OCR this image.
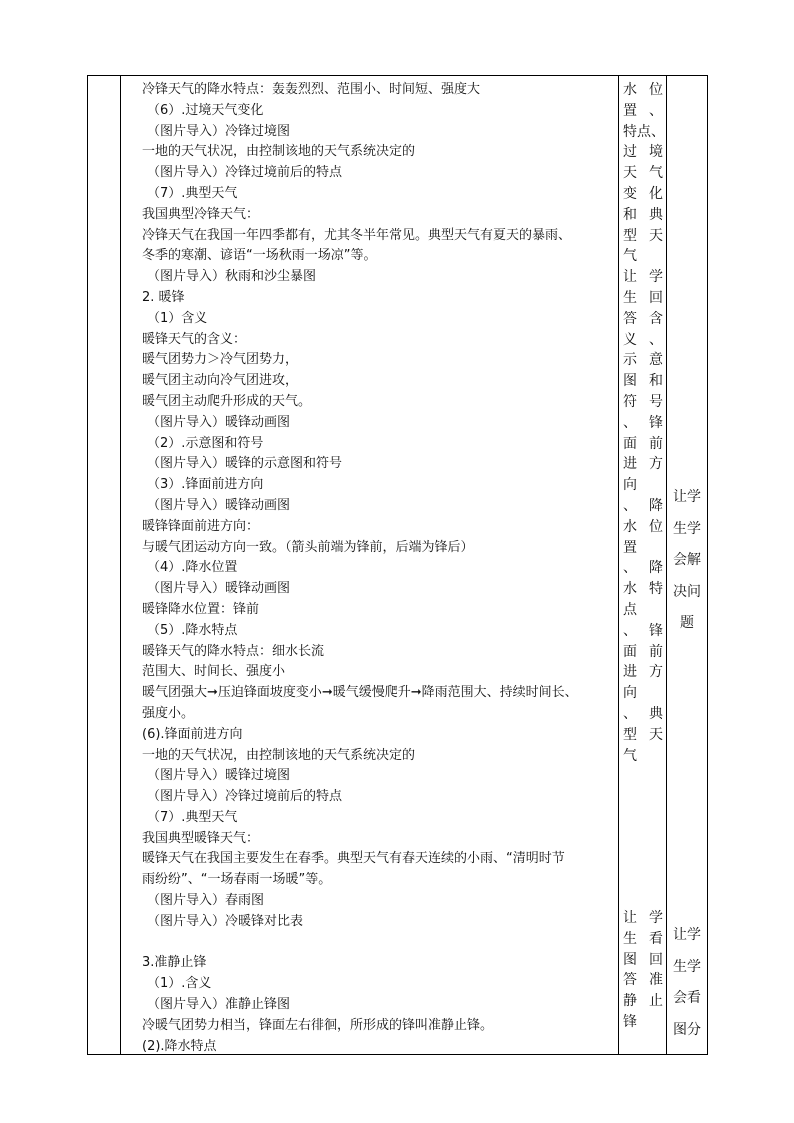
冷锋天气的降水特点：轰轰烈烈、范围小、时间短、强度大
（6）.过境天气变化
（图片导入）冷锋过境图
一地的天气状况，由控制该地的天气系统决定的
（图片导入）冷锋过境前后的特点
（7）.典型天气
我国典型冷锋天气：
冷锋天气在我国一年四季都有，尤其冬半年常见。典型天气有夏天的暴雨、
冬季的寒潮、谚语“一场秋雨一场凉”等。
（图片导入）秋雨和沙尘暴图
2. 暖锋
（1）含义
暖锋天气的含义：
暖气团势力＞冷气团势力，
暖气团主动向冷气团进攻，
暖气团主动爬升形成的天气。
（图片导入）暖锋动画图
（2）.示意图和符号
（图片导入）暖锋的示意图和符号
（3）.锋面前进方向
（图片导入）暖锋动画图
暖锋锋面前进方向：
与暖气团运动方向一致。（箭头前端为锋前，后端为锋后）
（4）.降水位置
（图片导入）暖锋动画图
暖锋降水位置：锋前
（5）.降水特点
暖锋天气的降水特点：细水长流
范围大、时间长、强度小
暖气团强大➞压迫锋面坡度变小➞暖气缓慢爬升➞降雨范围大、持续时间长、
强度小。
(6).锋面前进方向
一地的天气状况，由控制该地的天气系统决定的
（图片导入）暖锋过境图
（图片导入）冷锋过境前后的特点
（7）.典型天气
我国典型暖锋天气：
暖锋天气在我国主要发生在春季。典型天气有春天连续的小雨、“清明时节
雨纷纷”、“一场春雨一场暖”等。
（图片导入）春雨图
（图片导入）冷暖锋对比表
3.准静止锋
（1）.含义
（图片导入）准静止锋图
冷暖气团势力相当，锋面左右徘徊，所形成的锋叫准静止锋。
(2).降水特点
水 位
置 、
特 点 、
过 境
天 气
变 化
和 典
型 天
气
让 学
生 回
答 含
义 、
示 意
图 和
符 号
、 锋
面 前
进 方
向
、 降
水 位
置
、 降
水 特
点
、 锋
面 前
进 方
向
、 典
型 天
气
让 学
生 看
图 回
答 准
静 止
锋
让学
生学
会解
决问
题
让学
生学
会看
图分
